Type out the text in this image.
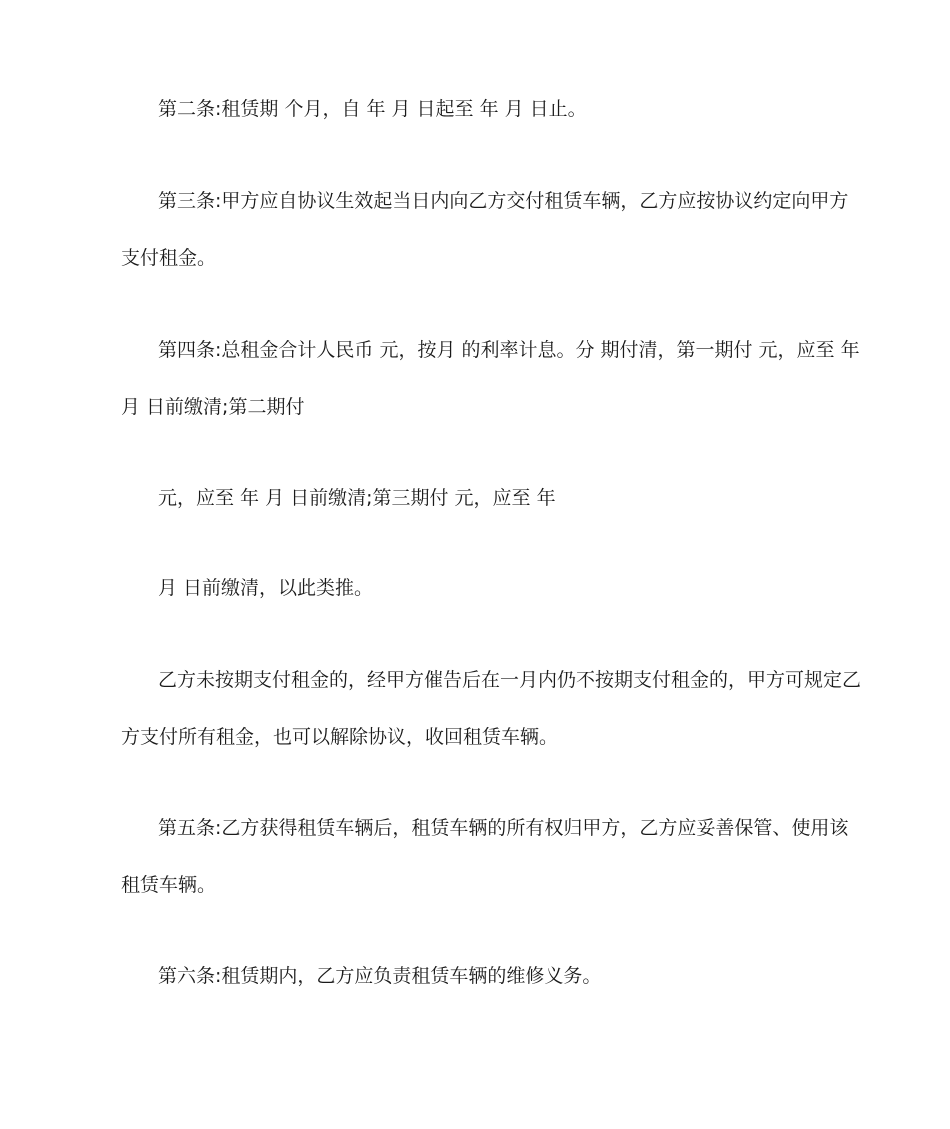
第二条:租赁期 个月，自 年 月 日起至 年 月 日止。
第三条:甲方应自协议生效起当日内向乙方交付租赁车辆，乙方应按协议约定向甲方
支付租金。
第四条:总租金合计人民币 元，按月 的利率计息。分 期付清，第一期付 元，应至 年
月 日前缴清;第二期付
元，应至 年 月 日前缴清;第三期付 元，应至 年
月 日前缴清，以此类推。
乙方未按期支付租金的，经甲方催告后在一月内仍不按期支付租金的，甲方可规定乙
方支付所有租金，也可以解除协议，收回租赁车辆。
第五条:乙方获得租赁车辆后，租赁车辆的所有权归甲方，乙方应妥善保管、使用该
租赁车辆。
第六条:租赁期内，乙方应负责租赁车辆的维修义务。
